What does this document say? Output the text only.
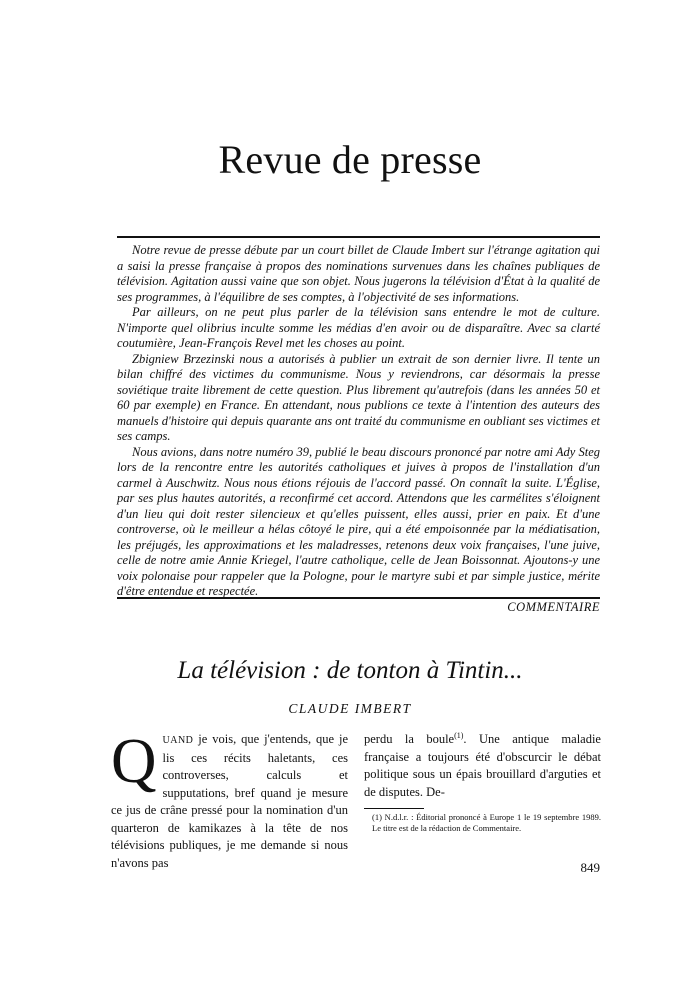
Revue de presse

Notre revue de presse débute par un court billet de Claude Imbert sur l'étrange agitation qui a saisi la presse française à propos des nominations survenues dans les chaînes publiques de télévision. Agitation aussi vaine que son objet. Nous jugerons la télévision d'État à la qualité de ses programmes, à l'équilibre de ses comptes, à l'objectivité de ses informations.

Par ailleurs, on ne peut plus parler de la télévision sans entendre le mot de culture. N'importe quel olibrius inculte somme les médias d'en avoir ou de disparaître. Avec sa clarté coutumière, Jean-François Revel met les choses au point.

Zbigniew Brzezinski nous a autorisés à publier un extrait de son dernier livre. Il tente un bilan chiffré des victimes du communisme. Nous y reviendrons, car désormais la presse soviétique traite librement de cette question. Plus librement qu'autrefois (dans les années 50 et 60 par exemple) en France. En attendant, nous publions ce texte à l'intention des auteurs des manuels d'histoire qui depuis quarante ans ont traité du communisme en oubliant ses victimes et ses camps.

Nous avions, dans notre numéro 39, publié le beau discours prononcé par notre ami Ady Steg lors de la rencontre entre les autorités catholiques et juives à propos de l'installation d'un carmel à Auschwitz. Nous nous étions réjouis de l'accord passé. On connaît la suite. L'Église, par ses plus hautes autorités, a reconfirmé cet accord. Attendons que les carmélites s'éloignent d'un lieu qui doit rester silencieux et qu'elles puissent, elles aussi, prier en paix. Et d'une controverse, où le meilleur a hélas côtoyé le pire, qui a été empoisonnée par la médiatisation, les préjugés, les approximations et les maladresses, retenons deux voix françaises, l'une juive, celle de notre amie Annie Kriegel, l'autre catholique, celle de Jean Boissonnat. Ajoutons-y une voix polonaise pour rappeler que la Pologne, pour le martyre subi et par simple justice, mérite d'être entendue et respectée.

COMMENTAIRE

La télévision : de tonton à Tintin...
CLAUDE IMBERT

QUAND je vois, que j'entends, que je lis ces récits haletants, ces controverses, calculs et supputations, bref quand je mesure ce jus de crâne pressé pour la nomination d'un quarteron de kamikazes à la tête de nos télévisions publiques, je me demande si nous n'avons pas

perdu la boule$^{(1)}$. Une antique maladie française a toujours été d'obscurcir le débat politique sous un épais brouillard d'arguties et de disputes. De-

(1) N.d.l.r. : Éditorial prononcé à Europe 1 le 19 septembre 1989. Le titre est de la rédaction de Commentaire.

849
